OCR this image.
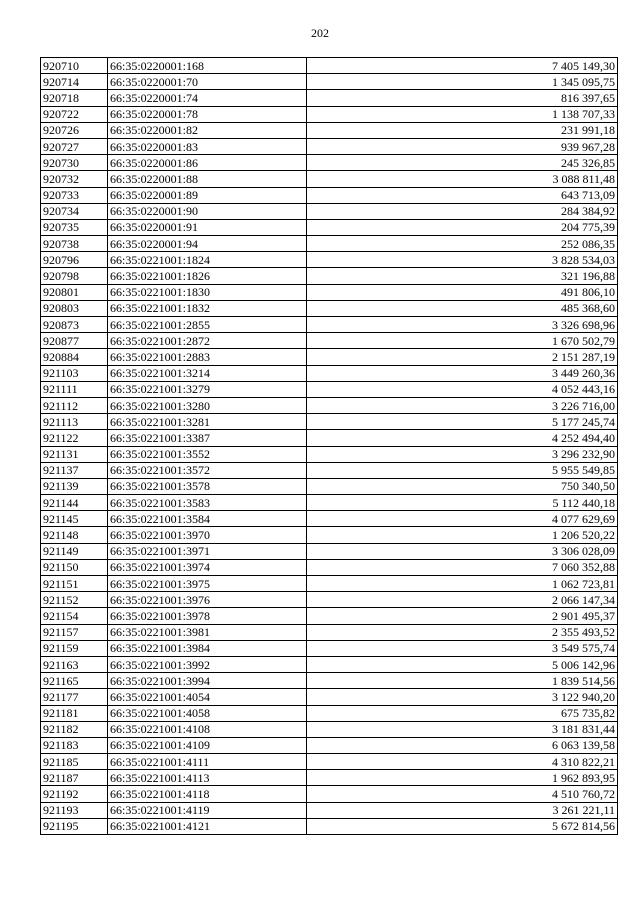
202
920710	66:35:0220001:168	7 405 149,30
920714	66:35:0220001:70	1 345 095,75
920718	66:35:0220001:74	816 397,65
920722	66:35:0220001:78	1 138 707,33
920726	66:35:0220001:82	231 991,18
920727	66:35:0220001:83	939 967,28
920730	66:35:0220001:86	245 326,85
920732	66:35:0220001:88	3 088 811,48
920733	66:35:0220001:89	643 713,09
920734	66:35:0220001:90	284 384,92
920735	66:35:0220001:91	204 775,39
920738	66:35:0220001:94	252 086,35
920796	66:35:0221001:1824	3 828 534,03
920798	66:35:0221001:1826	321 196,88
920801	66:35:0221001:1830	491 806,10
920803	66:35:0221001:1832	485 368,60
920873	66:35:0221001:2855	3 326 698,96
920877	66:35:0221001:2872	1 670 502,79
920884	66:35:0221001:2883	2 151 287,19
921103	66:35:0221001:3214	3 449 260,36
921111	66:35:0221001:3279	4 052 443,16
921112	66:35:0221001:3280	3 226 716,00
921113	66:35:0221001:3281	5 177 245,74
921122	66:35:0221001:3387	4 252 494,40
921131	66:35:0221001:3552	3 296 232,90
921137	66:35:0221001:3572	5 955 549,85
921139	66:35:0221001:3578	750 340,50
921144	66:35:0221001:3583	5 112 440,18
921145	66:35:0221001:3584	4 077 629,69
921148	66:35:0221001:3970	1 206 520,22
921149	66:35:0221001:3971	3 306 028,09
921150	66:35:0221001:3974	7 060 352,88
921151	66:35:0221001:3975	1 062 723,81
921152	66:35:0221001:3976	2 066 147,34
921154	66:35:0221001:3978	2 901 495,37
921157	66:35:0221001:3981	2 355 493,52
921159	66:35:0221001:3984	3 549 575,74
921163	66:35:0221001:3992	5 006 142,96
921165	66:35:0221001:3994	1 839 514,56
921177	66:35:0221001:4054	3 122 940,20
921181	66:35:0221001:4058	675 735,82
921182	66:35:0221001:4108	3 181 831,44
921183	66:35:0221001:4109	6 063 139,58
921185	66:35:0221001:4111	4 310 822,21
921187	66:35:0221001:4113	1 962 893,95
921192	66:35:0221001:4118	4 510 760,72
921193	66:35:0221001:4119	3 261 221,11
921195	66:35:0221001:4121	5 672 814,56
